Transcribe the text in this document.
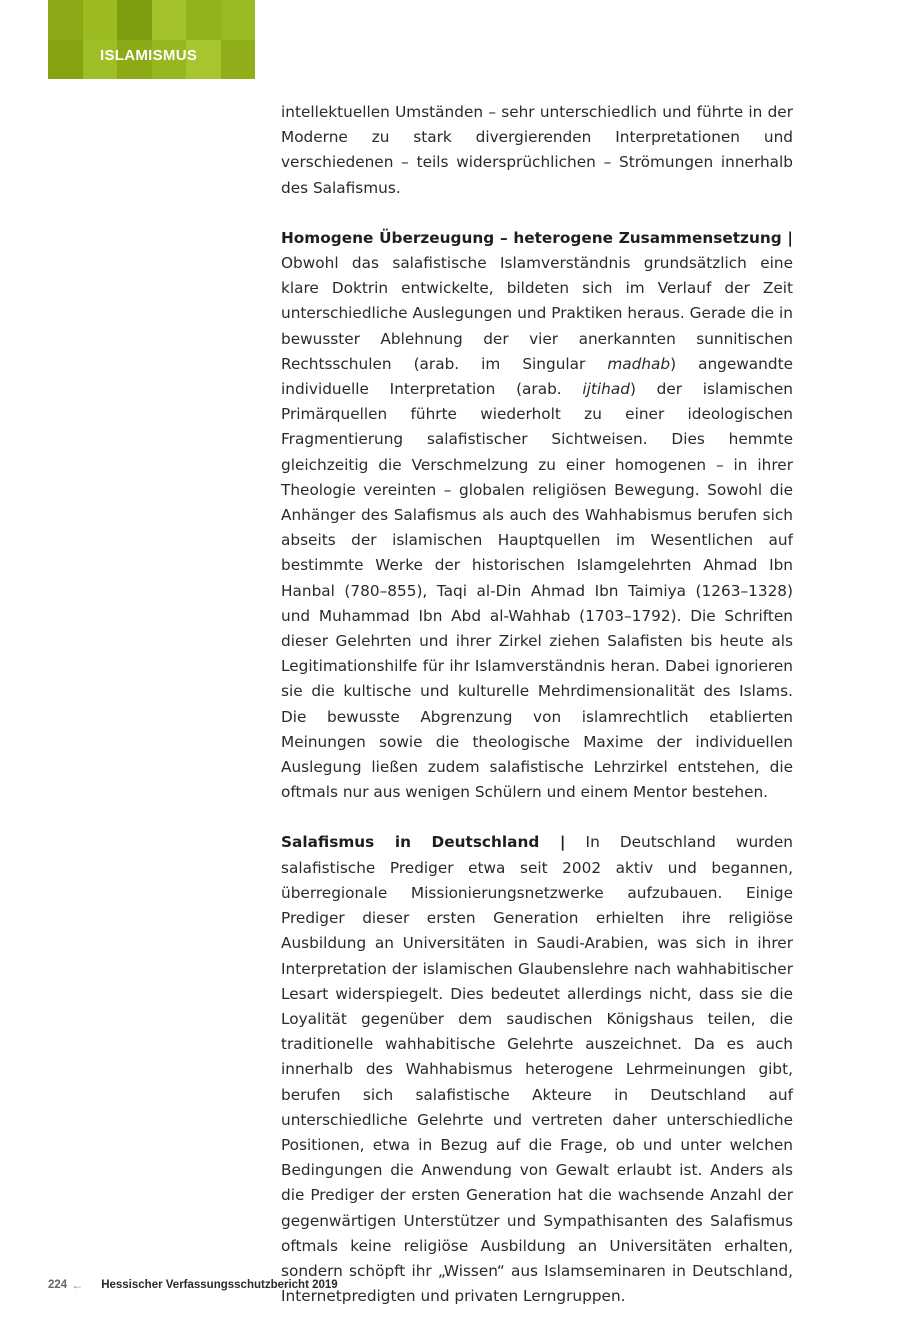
ISLAMISMUS

intellektuellen Umständen – sehr unterschiedlich und führte in der Moderne zu stark divergierenden Interpretationen und verschiedenen – teils widersprüchlichen – Strömungen innerhalb des Salafismus.

Homogene Überzeugung – heterogene Zusammensetzung | Obwohl das salafistische Islamverständnis grundsätzlich eine klare Doktrin entwickelte, bildeten sich im Verlauf der Zeit unterschiedliche Auslegungen und Praktiken heraus. Gerade die in bewusster Ablehnung der vier anerkannten sunnitischen Rechtsschulen (arab. im Singular madhab) angewandte individuelle Interpretation (arab. ijtihad) der islamischen Primärquellen führte wiederholt zu einer ideologischen Fragmentierung salafistischer Sichtweisen. Dies hemmte gleichzeitig die Verschmelzung zu einer homogenen – in ihrer Theologie vereinten – globalen religiösen Bewegung. Sowohl die Anhänger des Salafismus als auch des Wahhabismus berufen sich abseits der islamischen Hauptquellen im Wesentlichen auf bestimmte Werke der historischen Islamgelehrten Ahmad Ibn Hanbal (780–855), Taqi al-Din Ahmad Ibn Taimiya (1263–1328) und Muhammad Ibn Abd al-Wahhab (1703–1792). Die Schriften dieser Gelehrten und ihrer Zirkel ziehen Salafisten bis heute als Legitimationshilfe für ihr Islamverständnis heran. Dabei ignorieren sie die kultische und kulturelle Mehrdimensionalität des Islams. Die bewusste Abgrenzung von islamrechtlich etablierten Meinungen sowie die theologische Maxime der individuellen Auslegung ließen zudem salafistische Lehrzirkel entstehen, die oftmals nur aus wenigen Schülern und einem Mentor bestehen.

Salafismus in Deutschland | In Deutschland wurden salafistische Prediger etwa seit 2002 aktiv und begannen, überregionale Missionierungsnetzwerke aufzubauen. Einige Prediger dieser ersten Generation erhielten ihre religiöse Ausbildung an Universitäten in Saudi-Arabien, was sich in ihrer Interpretation der islamischen Glaubenslehre nach wahhabitischer Lesart widerspiegelt. Dies bedeutet allerdings nicht, dass sie die Loyalität gegenüber dem saudischen Königshaus teilen, die traditionelle wahhabitische Gelehrte auszeichnet. Da es auch innerhalb des Wahhabismus heterogene Lehrmeinungen gibt, berufen sich salafistische Akteure in Deutschland auf unterschiedliche Gelehrte und vertreten daher unterschiedliche Positionen, etwa in Bezug auf die Frage, ob und unter welchen Bedingungen die Anwendung von Gewalt erlaubt ist. Anders als die Prediger der ersten Generation hat die wachsende Anzahl der gegenwärtigen Unterstützer und Sympathisanten des Salafismus oftmals keine religiöse Ausbildung an Universitäten erhalten, sondern schöpft ihr „Wissen“ aus Islamseminaren in Deutschland, Internetpredigten und privaten Lerngruppen.

224 ← Hessischer Verfassungsschutzbericht 2019
